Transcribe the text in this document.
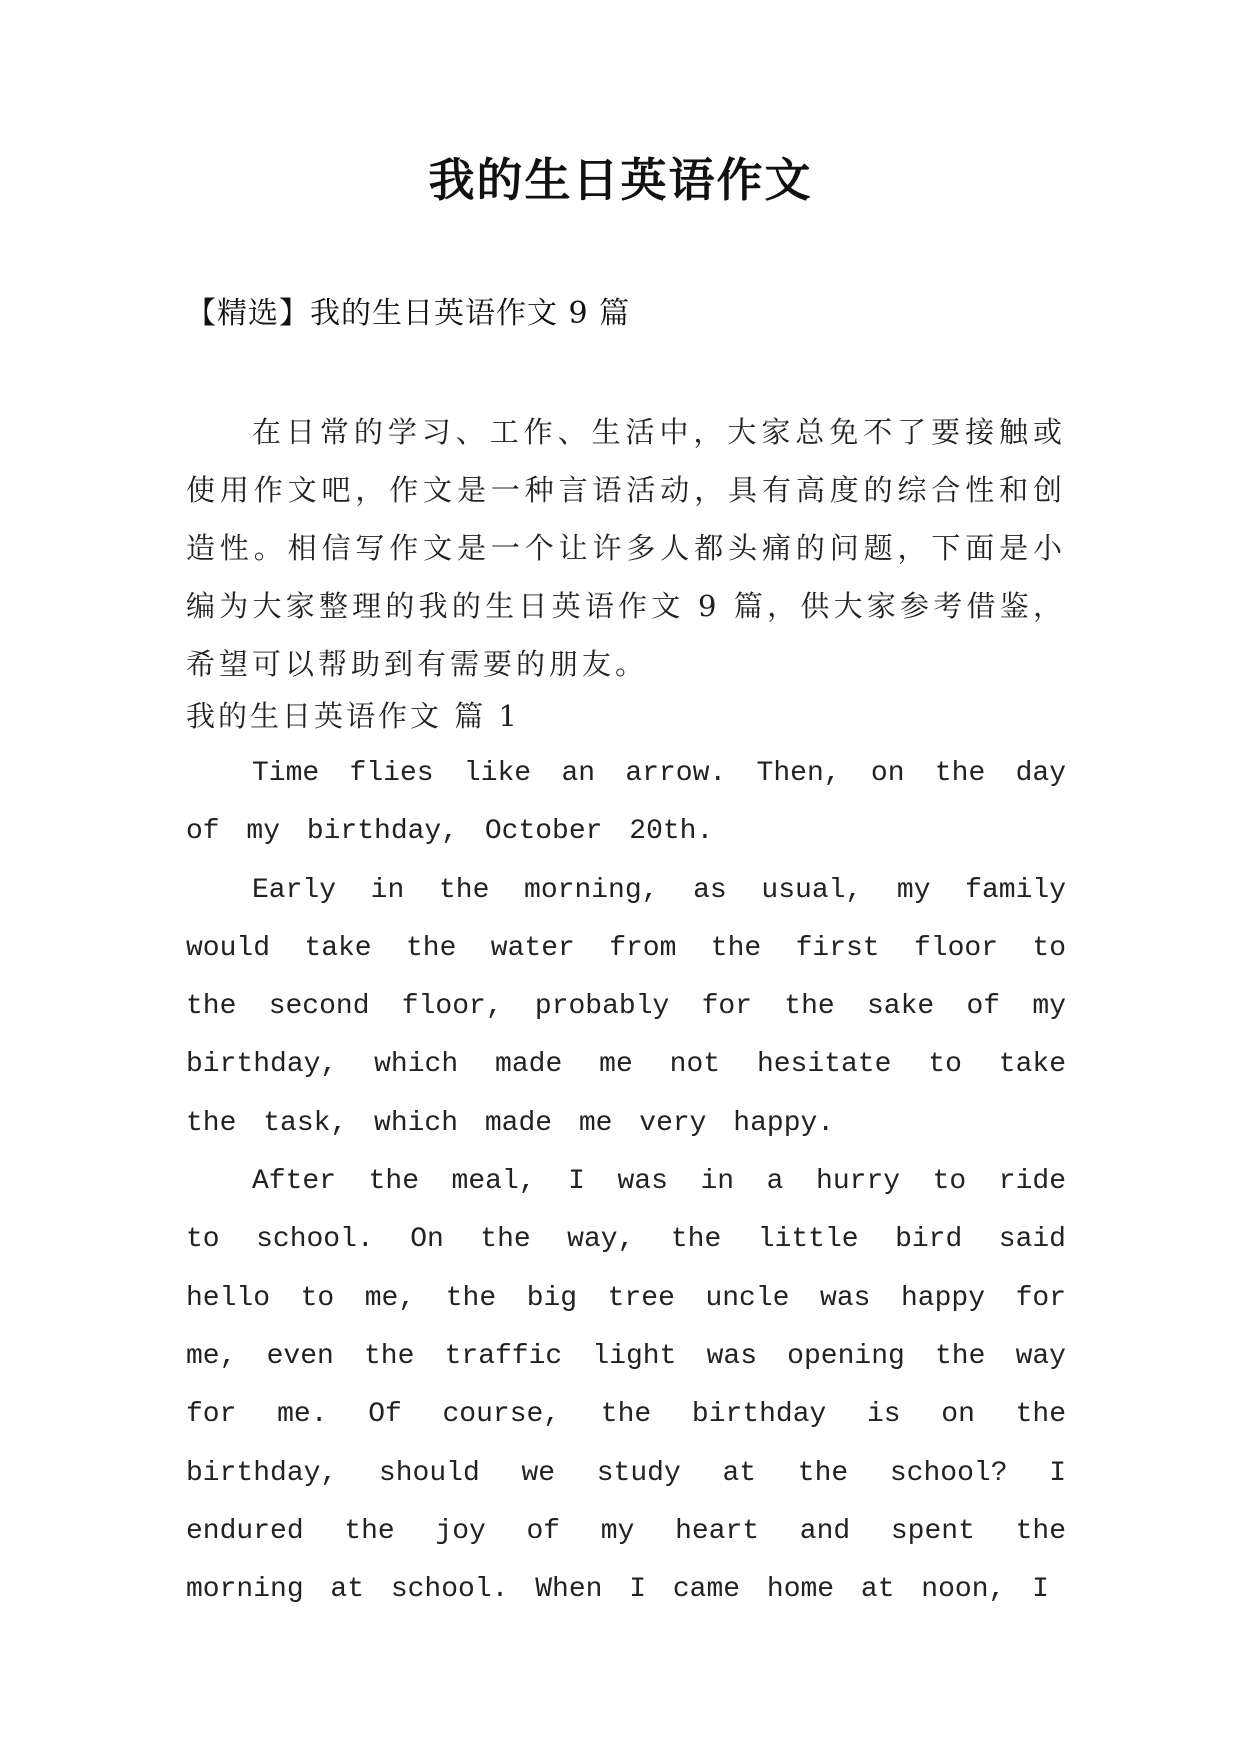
我的生日英语作文
【精选】我的生日英语作文 9 篇

在日常的学习、工作、生活中，大家总免不了要接触或使用作文吧，作文是一种言语活动，具有高度的综合性和创造性。相信写作文是一个让许多人都头痛的问题，下面是小编为大家整理的我的生日英语作文 9 篇，供大家参考借鉴，希望可以帮助到有需要的朋友。

我的生日英语作文 篇 1

Time flies like an arrow. Then, on the day of my birthday, October 20th.

Early in the morning, as usual, my family would take the water from the first floor to the second floor, probably for the sake of my birthday, which made me not hesitate to take the task, which made me very happy.

After the meal, I was in a hurry to ride to school. On the way, the little bird said hello to me, the big tree uncle was happy for me, even the traffic light was opening the way for me. Of course, the birthday is on the birthday, should we study at the school? I endured the joy of my heart and spent the morning at school. When I came home at noon, I
